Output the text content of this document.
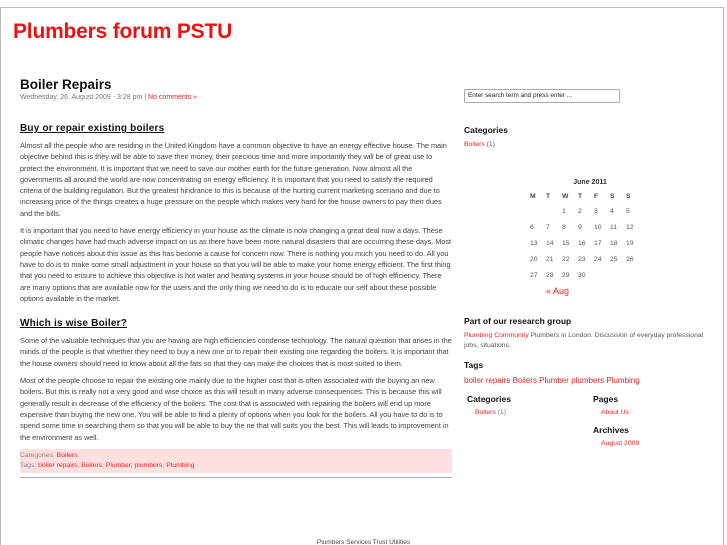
Plumbers forum PSTU
Boiler Repairs
Wednesday, 26. August 2009 - 3:28 pm | No comments »
Buy or repair existing boilers

Almost all the people who are residing in the United Kingdom have a common objective to have an energy effective house. The main objective behind this is they will be able to save their money, their precious time and more importantly they will be of great use to protect the environment. It is important that we need to save our mother earth for the future generation. Now almost all the governments all around the world are now concentrating on energy efficiency. It is important that you need to satisfy the required criteria of the building regulation. But the greatest hindrance to this is because of the hurting current marketing scenario and due to increasing price of the things creates a huge pressure on the people which makes very hard for the house owners to pay their dues and the bills.

It is important that you need to have energy efficiency in your house as the climate is now changing a great deal now a days. These climatic changes have had much adverse impact on us as there have been more natural disasters that are occurring these days. Most people have notices about this issue as this has become a cause for concern now. There is nothing you much you need to do. All you have to do is to make some small adjustment in your house so that you will be able to make your home energy efficient. The first thing that you need to ensure to achieve this objective is hot water and heating systems in your house should be of high efficiency. There are many options that are available now for the users and the only thing we need to do is to educate our self about these possible options available in the market.

Which is wise Boiler?

Some of the valuable techniques that you are having are high efficiencies condense technology. The natural question that arises in the minds of the people is that whether they need to buy a new one or to repair their existing one regarding the boilers. It is important that the house owners should need to know about all the fats so that they can make the choices that is most suited to them.

Most of the people choose to repair the existing one mainly due to the higher cost that is often associated with the buying an new boilers. But this is really not a very good and wise choice as this will result in many adverse consequences. This is because this will generally result in decrease of the efficiency of the boilers. The cost that is associated with repairing the boilers will end up more expensive than buying the new one. You will be able to find a plenty of options when you look for the boilers. All you have to do is to spend some time in searching them so that you will be able to buy the ne that will suits you the best. This will leads to improvement in the environment as well.

Categories: Boilers
Tags: boiler repairs, Boilers, Plumber, plumbers, Plumbing
Enter search term and press enter ...
Categories
Boilers (1)
June 2011
M	T	W	T	F	S	S
		1	2	3	4	5
6	7	8	9	10	11	12
13	14	15	16	17	18	19
20	21	22	23	24	25	26
27	28	29	30			
« Aug
Part of our research group
Plumbing Community Plumbers in London. Discussion of everyday professional jobs, situations.
Tags
boiler repairs Boilers Plumber plumbers Plumbing
Categories
Boilers (1)
Pages
About Us
Archives
August 2009
Plumbers Services Trust Utilities
